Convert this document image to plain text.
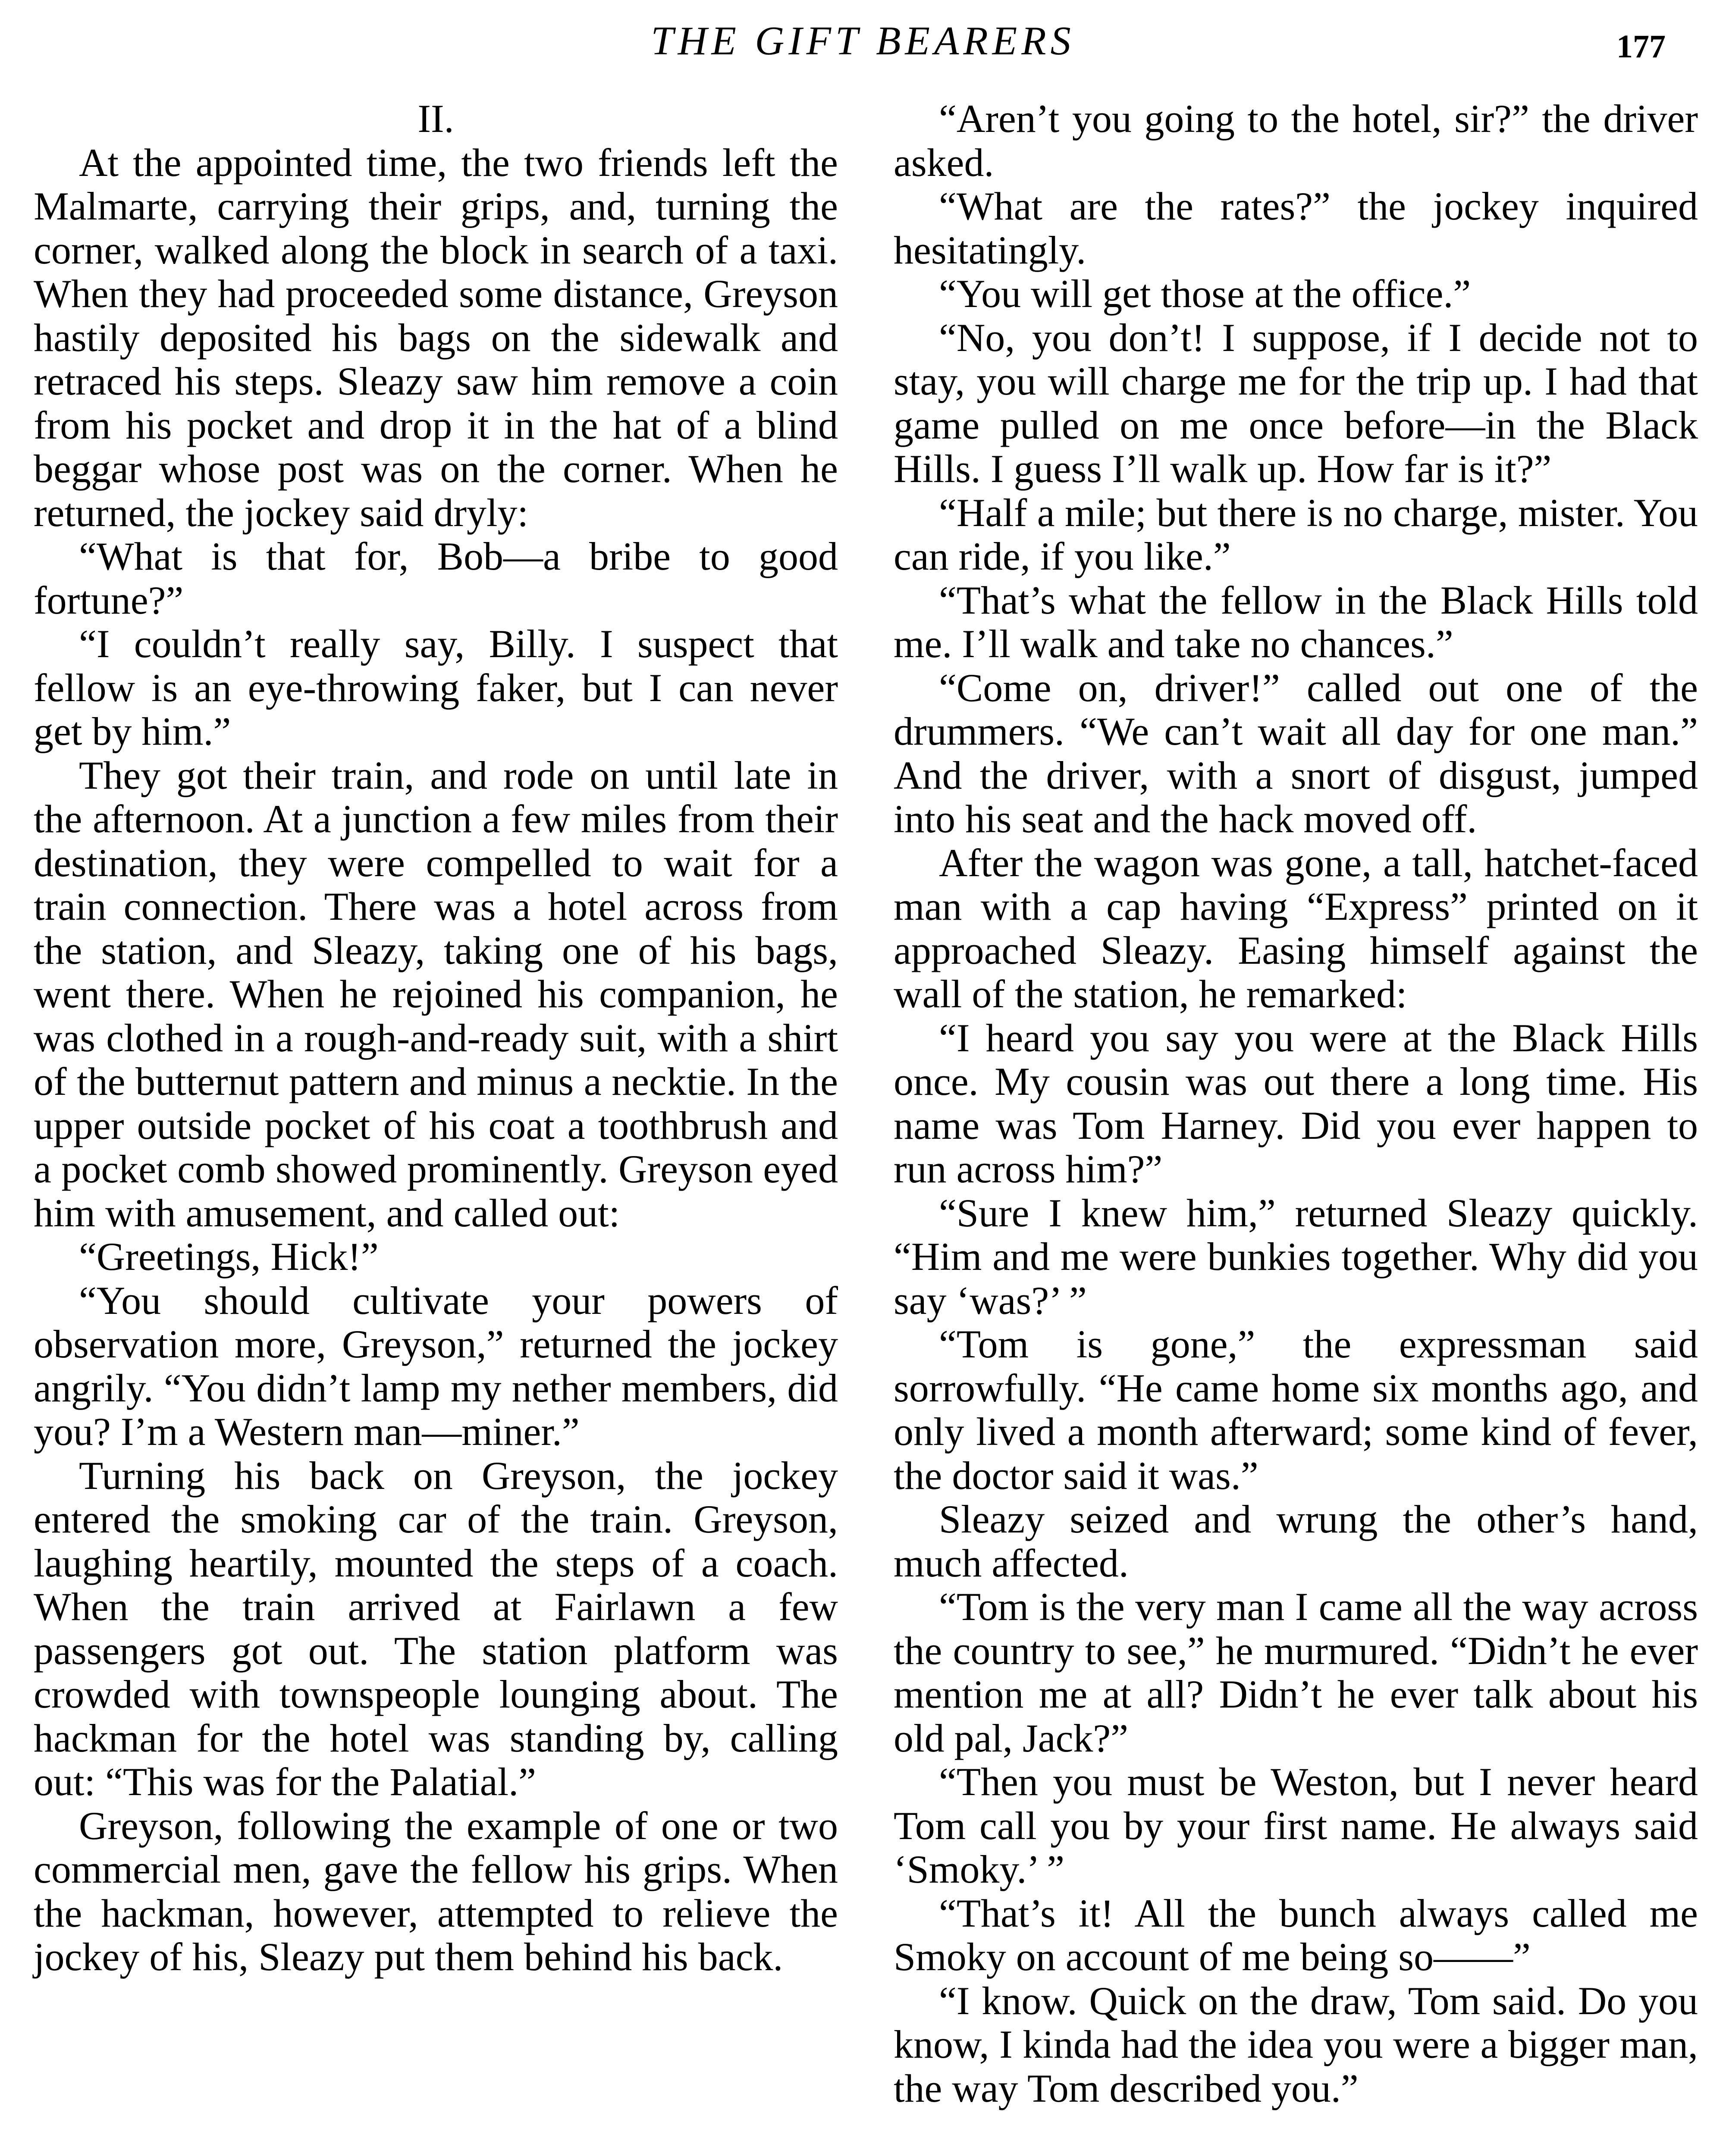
THE GIFT BEARERS	177
II.

At the appointed time, the two friends left the Malmarte, carrying their grips, and, turning the corner, walked along the block in search of a taxi. When they had proceeded some distance, Greyson hastily deposited his bags on the sidewalk and retraced his steps. Sleazy saw him remove a coin from his pocket and drop it in the hat of a blind beggar whose post was on the corner. When he returned, the jockey said dryly:

“What is that for, Bob—a bribe to good fortune?”

“I couldn’t really say, Billy. I suspect that fellow is an eye-throwing faker, but I can never get by him.”

They got their train, and rode on until late in the afternoon. At a junction a few miles from their destination, they were compelled to wait for a train connection. There was a hotel across from the station, and Sleazy, taking one of his bags, went there. When he rejoined his companion, he was clothed in a rough-and-ready suit, with a shirt of the butternut pattern and minus a necktie. In the upper outside pocket of his coat a toothbrush and a pocket comb showed prominently. Greyson eyed him with amusement, and called out:

“Greetings, Hick!”

“You should cultivate your powers of observation more, Greyson,” returned the jockey angrily. “You didn’t lamp my nether members, did you? I’m a Western man—miner.”

Turning his back on Greyson, the jockey entered the smoking car of the train. Greyson, laughing heartily, mounted the steps of a coach. When the train arrived at Fairlawn a few passengers got out. The station platform was crowded with townspeople lounging about. The hackman for the hotel was standing by, calling out: “This was for the Palatial.”

Greyson, following the example of one or two commercial men, gave the fellow his grips. When the hackman, however, attempted to relieve the jockey of his, Sleazy put them behind his back.

“Aren’t you going to the hotel, sir?” the driver asked.

“What are the rates?” the jockey inquired hesitatingly.

“You will get those at the office.”

“No, you don’t! I suppose, if I decide not to stay, you will charge me for the trip up. I had that game pulled on me once before—in the Black Hills. I guess I’ll walk up. How far is it?”

“Half a mile; but there is no charge, mister. You can ride, if you like.”

“That’s what the fellow in the Black Hills told me. I’ll walk and take no chances.”

“Come on, driver!” called out one of the drummers. “We can’t wait all day for one man.” And the driver, with a snort of disgust, jumped into his seat and the hack moved off.

After the wagon was gone, a tall, hatchet-faced man with a cap having “Express” printed on it approached Sleazy. Easing himself against the wall of the station, he remarked:

“I heard you say you were at the Black Hills once. My cousin was out there a long time. His name was Tom Harney. Did you ever happen to run across him?”

“Sure I knew him,” returned Sleazy quickly. “Him and me were bunkies together. Why did you say ‘was?’ ”

“Tom is gone,” the expressman said sorrowfully. “He came home six months ago, and only lived a month afterward; some kind of fever, the doctor said it was.”

Sleazy seized and wrung the other’s hand, much affected.

“Tom is the very man I came all the way across the country to see,” he murmured. “Didn’t he ever mention me at all? Didn’t he ever talk about his old pal, Jack?”

“Then you must be Weston, but I never heard Tom call you by your first name. He always said ‘Smoky.’ ”

“That’s it! All the bunch always called me Smoky on account of me being so——”

“I know. Quick on the draw, Tom said. Do you know, I kinda had the idea you were a bigger man, the way Tom described you.”
